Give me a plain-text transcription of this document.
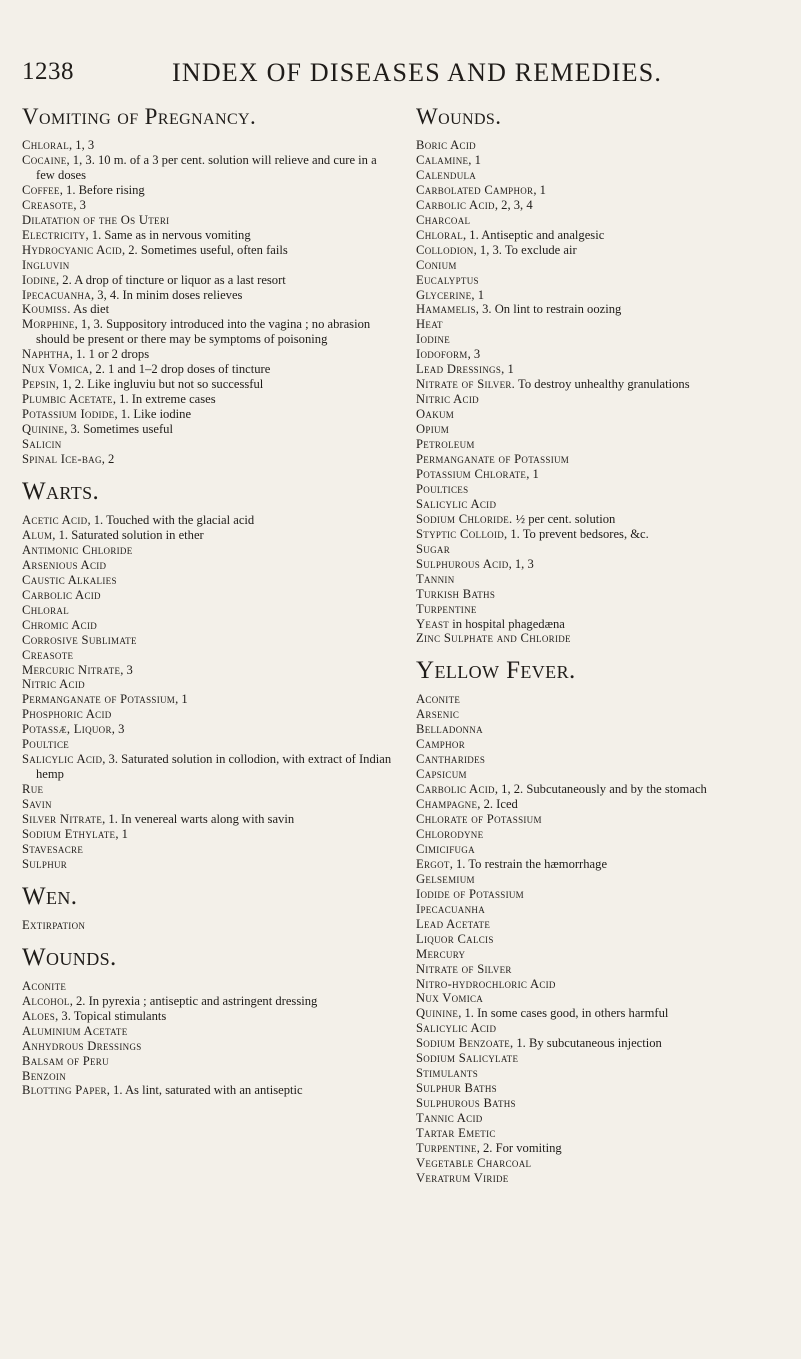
1238	INDEX OF DISEASES AND REMEDIES.
Vomiting of Pregnancy.

Chloral, 1, 3

Cocaine, 1, 3. 10 m. of a 3 per cent. solution will relieve and cure in a few doses

Coffee, 1. Before rising

Creasote, 3

Dilatation of the Os Uteri

Electricity, 1. Same as in nervous vomiting

Hydrocyanic Acid, 2. Sometimes useful, often fails

Ingluvin

Iodine, 2. A drop of tincture or liquor as a last resort

Ipecacuanha, 3, 4. In minim doses relieves

Koumiss. As diet

Morphine, 1, 3. Suppository introduced into the vagina ; no abrasion should be present or there may be symptoms of poisoning

Naphtha, 1. 1 or 2 drops

Nux Vomica, 2. 1 and 1–2 drop doses of tincture

Pepsin, 1, 2. Like ingluviu but not so successful

Plumbic Acetate, 1. In extreme cases

Potassium Iodide, 1. Like iodine

Quinine, 3. Sometimes useful

Salicin

Spinal Ice-bag, 2

Warts.

Acetic Acid, 1. Touched with the glacial acid

Alum, 1. Saturated solution in ether

Antimonic Chloride

Arsenious Acid

Caustic Alkalies

Carbolic Acid

Chloral

Chromic Acid

Corrosive Sublimate

Creasote

Mercuric Nitrate, 3

Nitric Acid

Permanganate of Potassium, 1

Phosphoric Acid

Potassæ, Liquor, 3

Poultice

Salicylic Acid, 3. Saturated solution in collodion, with extract of Indian hemp

Rue

Savin

Silver Nitrate, 1. In venereal warts along with savin

Sodium Ethylate, 1

Stavesacre

Sulphur

Wen.

Extirpation

Wounds.

Aconite

Alcohol, 2. In pyrexia ; antiseptic and astringent dressing

Aloes, 3. Topical stimulants

Aluminium Acetate

Anhydrous Dressings

Balsam of Peru

Benzoin

Blotting Paper, 1. As lint, saturated with an antiseptic

Wounds.

Boric Acid

Calamine, 1

Calendula

Carbolated Camphor, 1

Carbolic Acid, 2, 3, 4

Charcoal

Chloral, 1. Antiseptic and analgesic

Collodion, 1, 3. To exclude air

Conium

Eucalyptus

Glycerine, 1

Hamamelis, 3. On lint to restrain oozing

Heat

Iodine

Iodoform, 3

Lead Dressings, 1

Nitrate of Silver. To destroy unhealthy granulations

Nitric Acid

Oakum

Opium

Petroleum

Permanganate of Potassium

Potassium Chlorate, 1

Poultices

Salicylic Acid

Sodium Chloride. ½ per cent. solution

Styptic Colloid, 1. To prevent bedsores, &c.

Sugar

Sulphurous Acid, 1, 3

Tannin

Turkish Baths

Turpentine

Yeast in hospital phagedæna

Zinc Sulphate and Chloride

Yellow Fever.

Aconite

Arsenic

Belladonna

Camphor

Cantharides

Capsicum

Carbolic Acid, 1, 2. Subcutaneously and by the stomach

Champagne, 2. Iced

Chlorate of Potassium

Chlorodyne

Cimicifuga

Ergot, 1. To restrain the hæmorrhage

Gelsemium

Iodide of Potassium

Ipecacuanha

Lead Acetate

Liquor Calcis

Mercury

Nitrate of Silver

Nitro-hydrochloric Acid

Nux Vomica

Quinine, 1. In some cases good, in others harmful

Salicylic Acid

Sodium Benzoate, 1. By subcutaneous injection

Sodium Salicylate

Stimulants

Sulphur Baths

Sulphurous Baths

Tannic Acid

Tartar Emetic

Turpentine, 2. For vomiting

Vegetable Charcoal

Veratrum Viride
